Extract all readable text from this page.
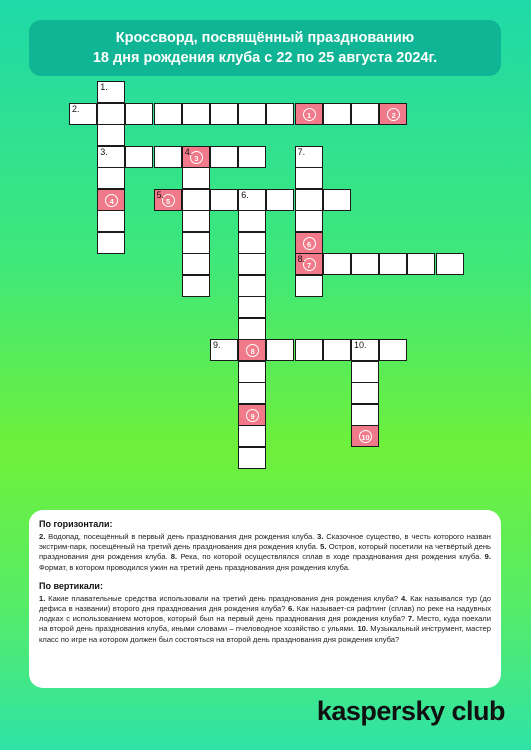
Кроссворд, посвящённый празднованию
18 дня рождения клуба с 22 по 25 августа 2024г.
1.
3.
4
2.
1	2
3
4.
5
5.	6.
8
9
7.
6
7
8.
9.	10.
10
По горизонтали:

2. Водопад, посещённый в первый день празднования дня рождения клуба. 3. Сказочное существо, в честь которого назван экстрим-парк, посещённый на третий день празднования дня рождения клуба. 5. Остров, который посетили на четвёртый день празднования дня рождения клуба. 8. Река, по которой осуществлялся сплав в ходе празднования дня рождения клуба. 9. Формат, в котором проводился ужин на третий день празднования дня рождения клуба.

По вертикали:

1. Какие плавательные средства использовали на третий день празднования дня рождения клуба? 4. Как назывался тур (до дефиса в названии) второго дня празднования дня рождения клуба? 6. Как называет-ся рафтинг (сплав) по реке на надувных лодках с использованием моторов, который был на первый день празднования дня рождения клуба? 7. Место, куда поехали на второй день празднования клуба, иными словами – пчеловодное хозяйство с ульями. 10. Музыкальный инструмент, мастер класс по игре на котором должен был состояться на второй день празднования дня рождения клуба?

kaspersky club
